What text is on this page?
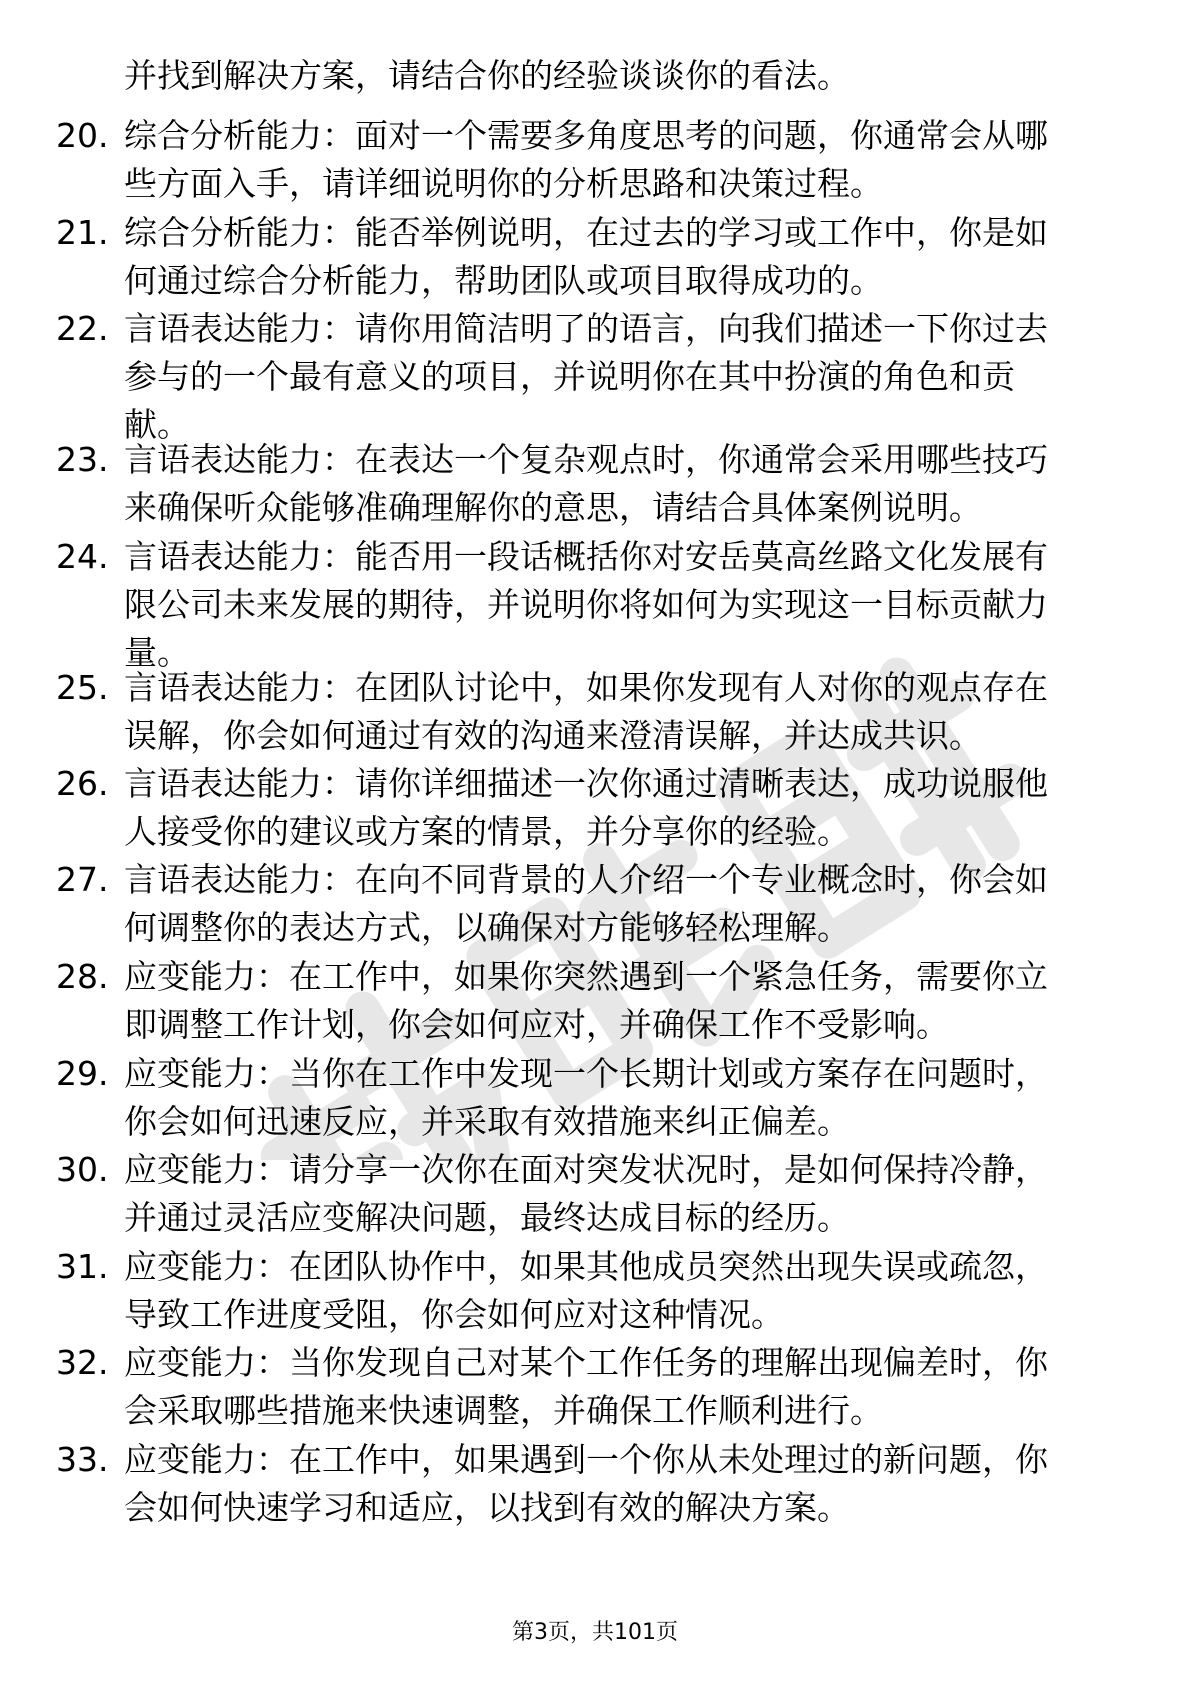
并找到解决方案，请结合你的经验谈谈你的看法。
20. 综合分析能力：面对一个需要多角度思考的问题，你通常会从哪
些方面入手，请详细说明你的分析思路和决策过程。
21. 综合分析能力：能否举例说明，在过去的学习或工作中，你是如
何通过综合分析能力，帮助团队或项目取得成功的。
22. 言语表达能力：请你用简洁明了的语言，向我们描述一下你过去
参与的一个最有意义的项目，并说明你在其中扮演的角色和贡
献。
23. 言语表达能力：在表达一个复杂观点时，你通常会采用哪些技巧
来确保听众能够准确理解你的意思，请结合具体案例说明。
24. 言语表达能力：能否用一段话概括你对安岳莫高丝路文化发展有
限公司未来发展的期待，并说明你将如何为实现这一目标贡献力
量。
25. 言语表达能力：在团队讨论中，如果你发现有人对你的观点存在
误解，你会如何通过有效的沟通来澄清误解，并达成共识。
26. 言语表达能力：请你详细描述一次你通过清晰表达，成功说服他
人接受你的建议或方案的情景，并分享你的经验。
27. 言语表达能力：在向不同背景的人介绍一个专业概念时，你会如
何调整你的表达方式，以确保对方能够轻松理解。
28. 应变能力：在工作中，如果你突然遇到一个紧急任务，需要你立
即调整工作计划，你会如何应对，并确保工作不受影响。
29. 应变能力：当你在工作中发现一个长期计划或方案存在问题时，
你会如何迅速反应，并采取有效措施来纠正偏差。
30. 应变能力：请分享一次你在面对突发状况时，是如何保持冷静，
并通过灵活应变解决问题，最终达成目标的经历。
31. 应变能力：在团队协作中，如果其他成员突然出现失误或疏忽，
导致工作进度受阻，你会如何应对这种情况。
32. 应变能力：当你发现自己对某个工作任务的理解出现偏差时，你
会采取哪些措施来快速调整，并确保工作顺利进行。
33. 应变能力：在工作中，如果遇到一个你从未处理过的新问题，你
会如何快速学习和适应，以找到有效的解决方案。
第3页，共101页
